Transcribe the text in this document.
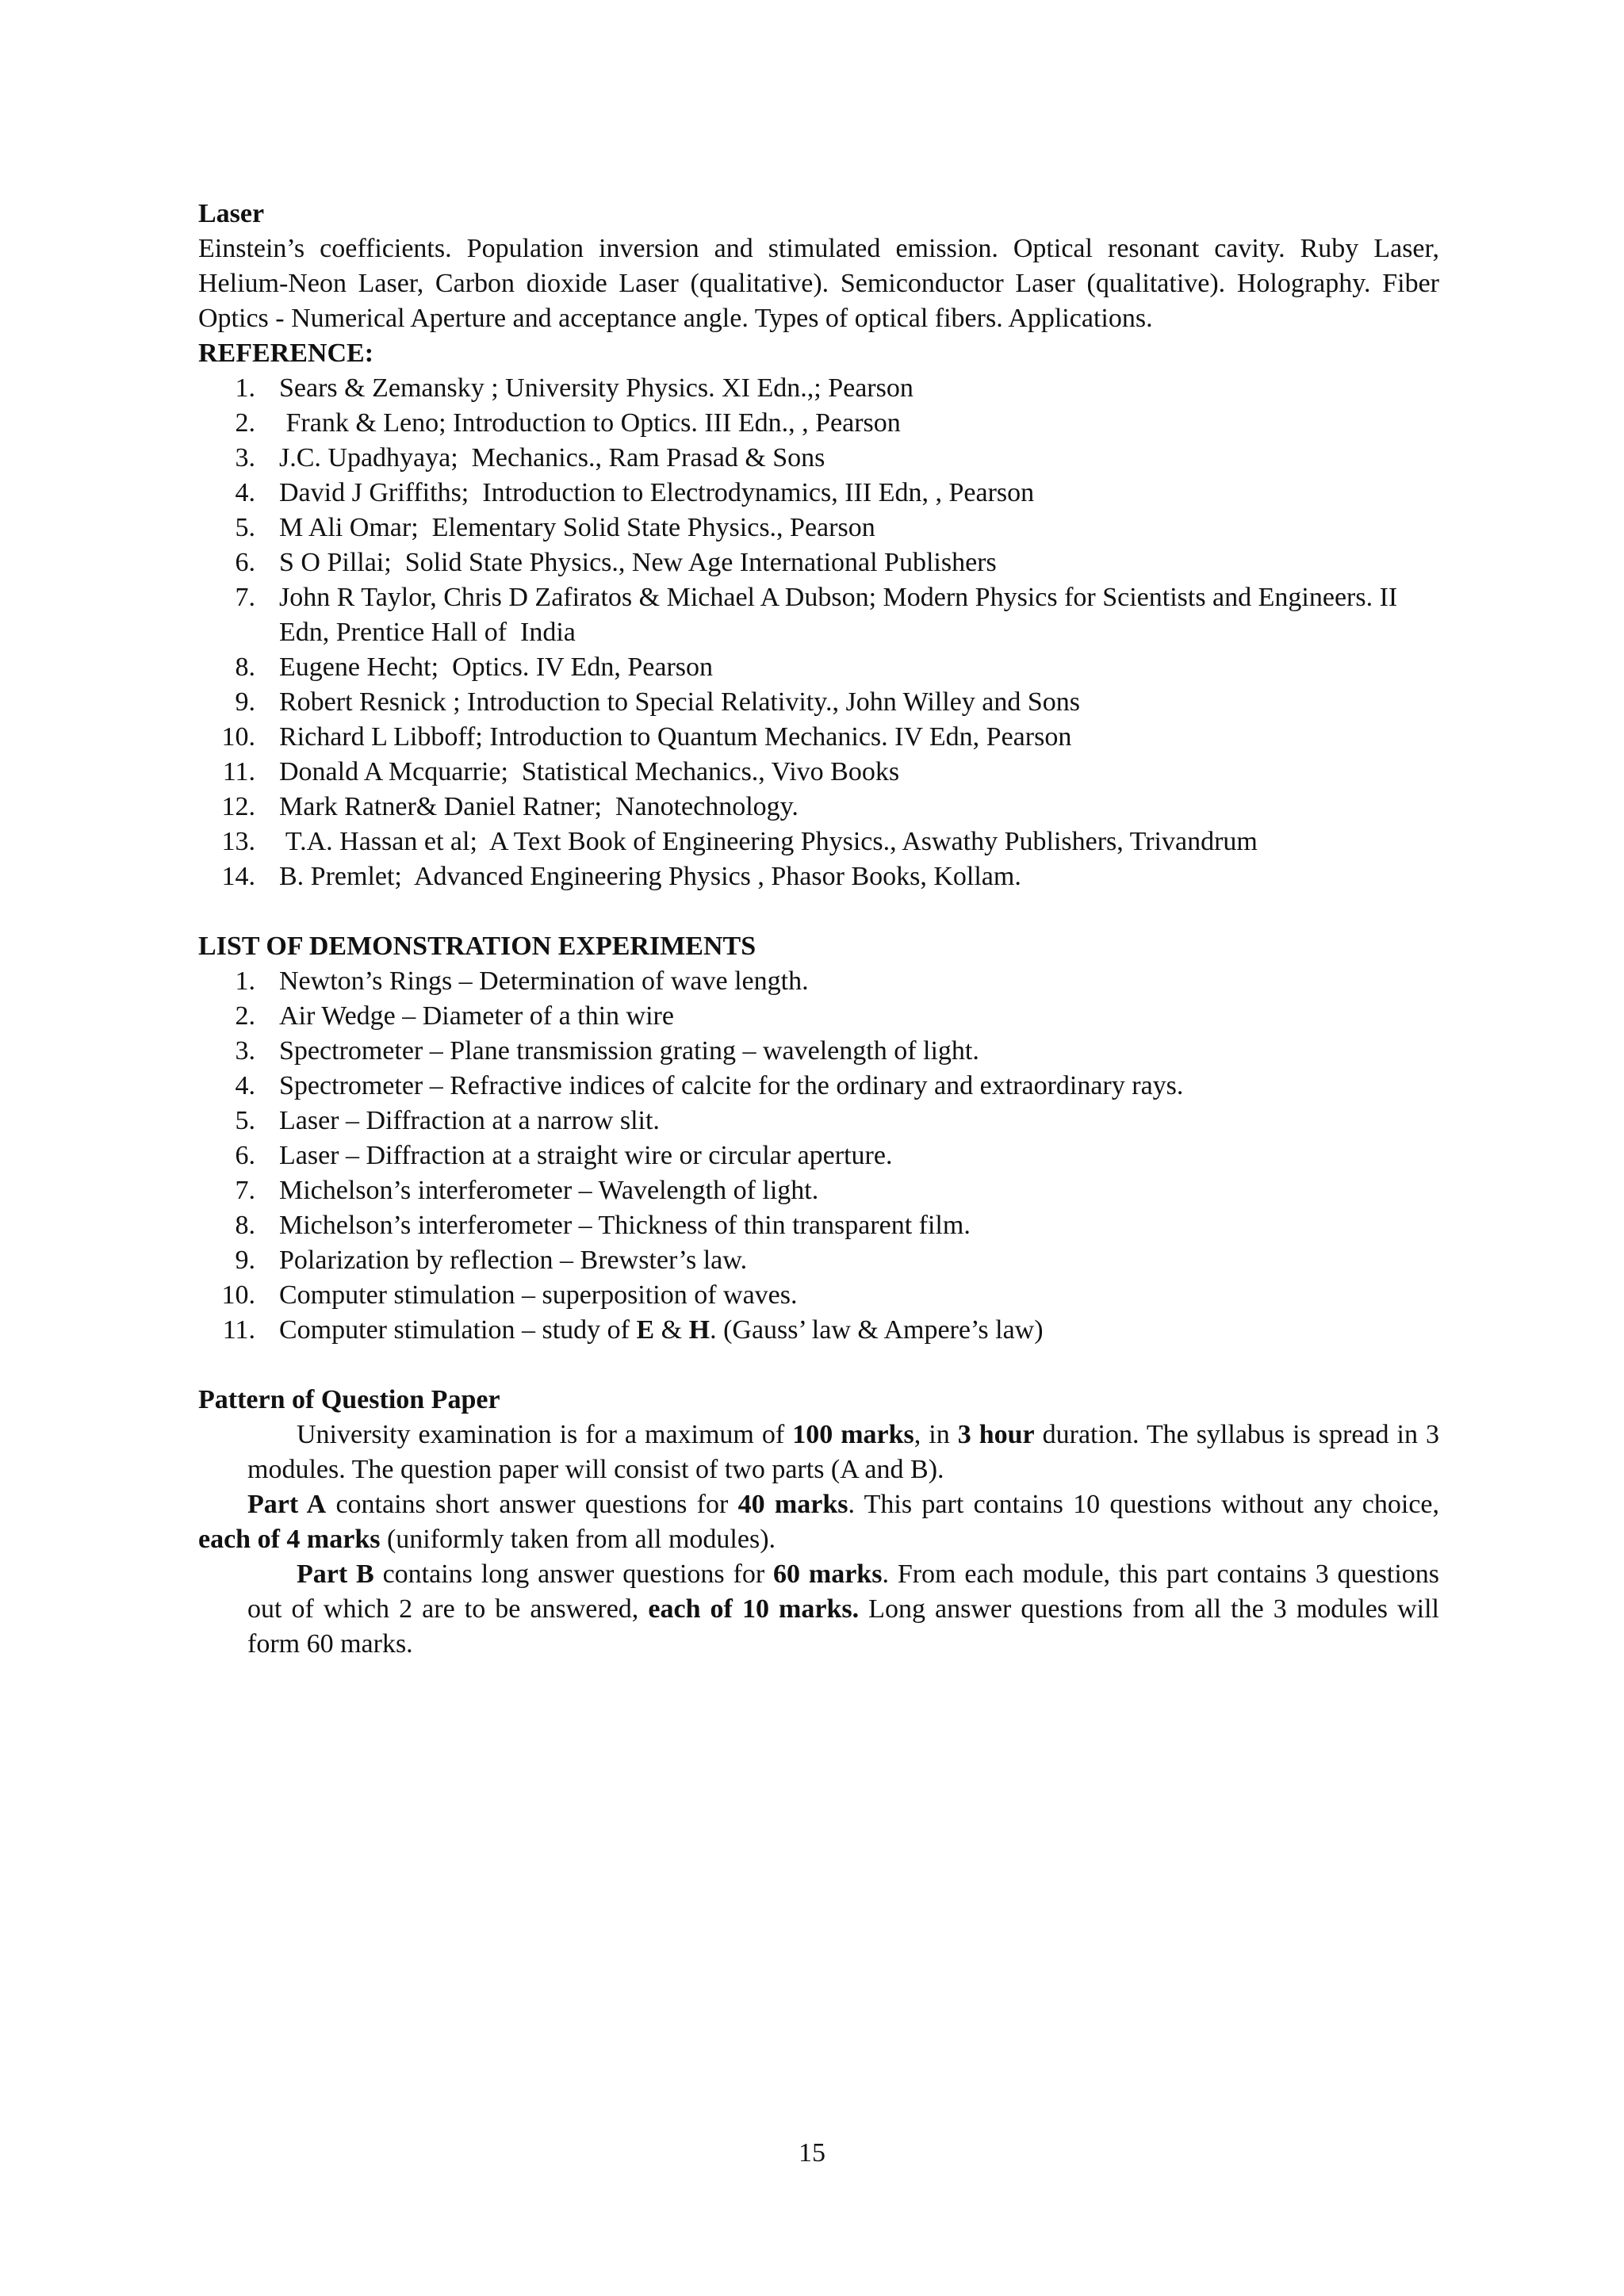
Laser

Einstein’s coefficients. Population inversion and stimulated emission. Optical resonant cavity. Ruby Laser, Helium-Neon Laser, Carbon dioxide Laser (qualitative). Semiconductor Laser (qualitative). Holography. Fiber Optics - Numerical Aperture and acceptance angle. Types of optical fibers. Applications.

REFERENCE:

1. Sears & Zemansky ; University Physics. XI Edn.,; Pearson
2. Frank & Leno; Introduction to Optics. III Edn., , Pearson
3. J.C. Upadhyaya;  Mechanics., Ram Prasad & Sons
4. David J Griffiths;  Introduction to Electrodynamics, III Edn, , Pearson
5. M Ali Omar;  Elementary Solid State Physics., Pearson
6. S O Pillai;  Solid State Physics., New Age International Publishers
7. John R Taylor, Chris D Zafiratos & Michael A Dubson; Modern Physics for Scientists and Engineers. II Edn, Prentice Hall of  India
8. Eugene Hecht;  Optics. IV Edn, Pearson
9. Robert Resnick ; Introduction to Special Relativity., John Willey and Sons
10. Richard L Libboff; Introduction to Quantum Mechanics. IV Edn, Pearson
11. Donald A Mcquarrie;  Statistical Mechanics., Vivo Books
12. Mark Ratner& Daniel Ratner;  Nanotechnology.
13. T.A. Hassan et al;  A Text Book of Engineering Physics., Aswathy Publishers, Trivandrum
14. B. Premlet;  Advanced Engineering Physics , Phasor Books, Kollam.

LIST OF DEMONSTRATION EXPERIMENTS

1. Newton’s Rings – Determination of wave length.
2. Air Wedge – Diameter of a thin wire
3. Spectrometer – Plane transmission grating – wavelength of light.
4. Spectrometer – Refractive indices of calcite for the ordinary and extraordinary rays.
5. Laser – Diffraction at a narrow slit.
6. Laser – Diffraction at a straight wire or circular aperture.
7. Michelson’s interferometer – Wavelength of light.
8. Michelson’s interferometer – Thickness of thin transparent film.
9. Polarization by reflection – Brewster’s law.
10. Computer stimulation – superposition of waves.
11. Computer stimulation – study of E & H. (Gauss’ law & Ampere’s law)

Pattern of Question Paper

University examination is for a maximum of 100 marks, in 3 hour duration. The syllabus is spread in 3 modules. The question paper will consist of two parts (A and B).
Part A contains short answer questions for 40 marks. This part contains 10 questions without any choice, each of 4 marks (uniformly taken from all modules).
Part B contains long answer questions for 60 marks. From each module, this part contains 3 questions out of which 2 are to be answered, each of 10 marks. Long answer questions from all the 3 modules will form 60 marks.
15
